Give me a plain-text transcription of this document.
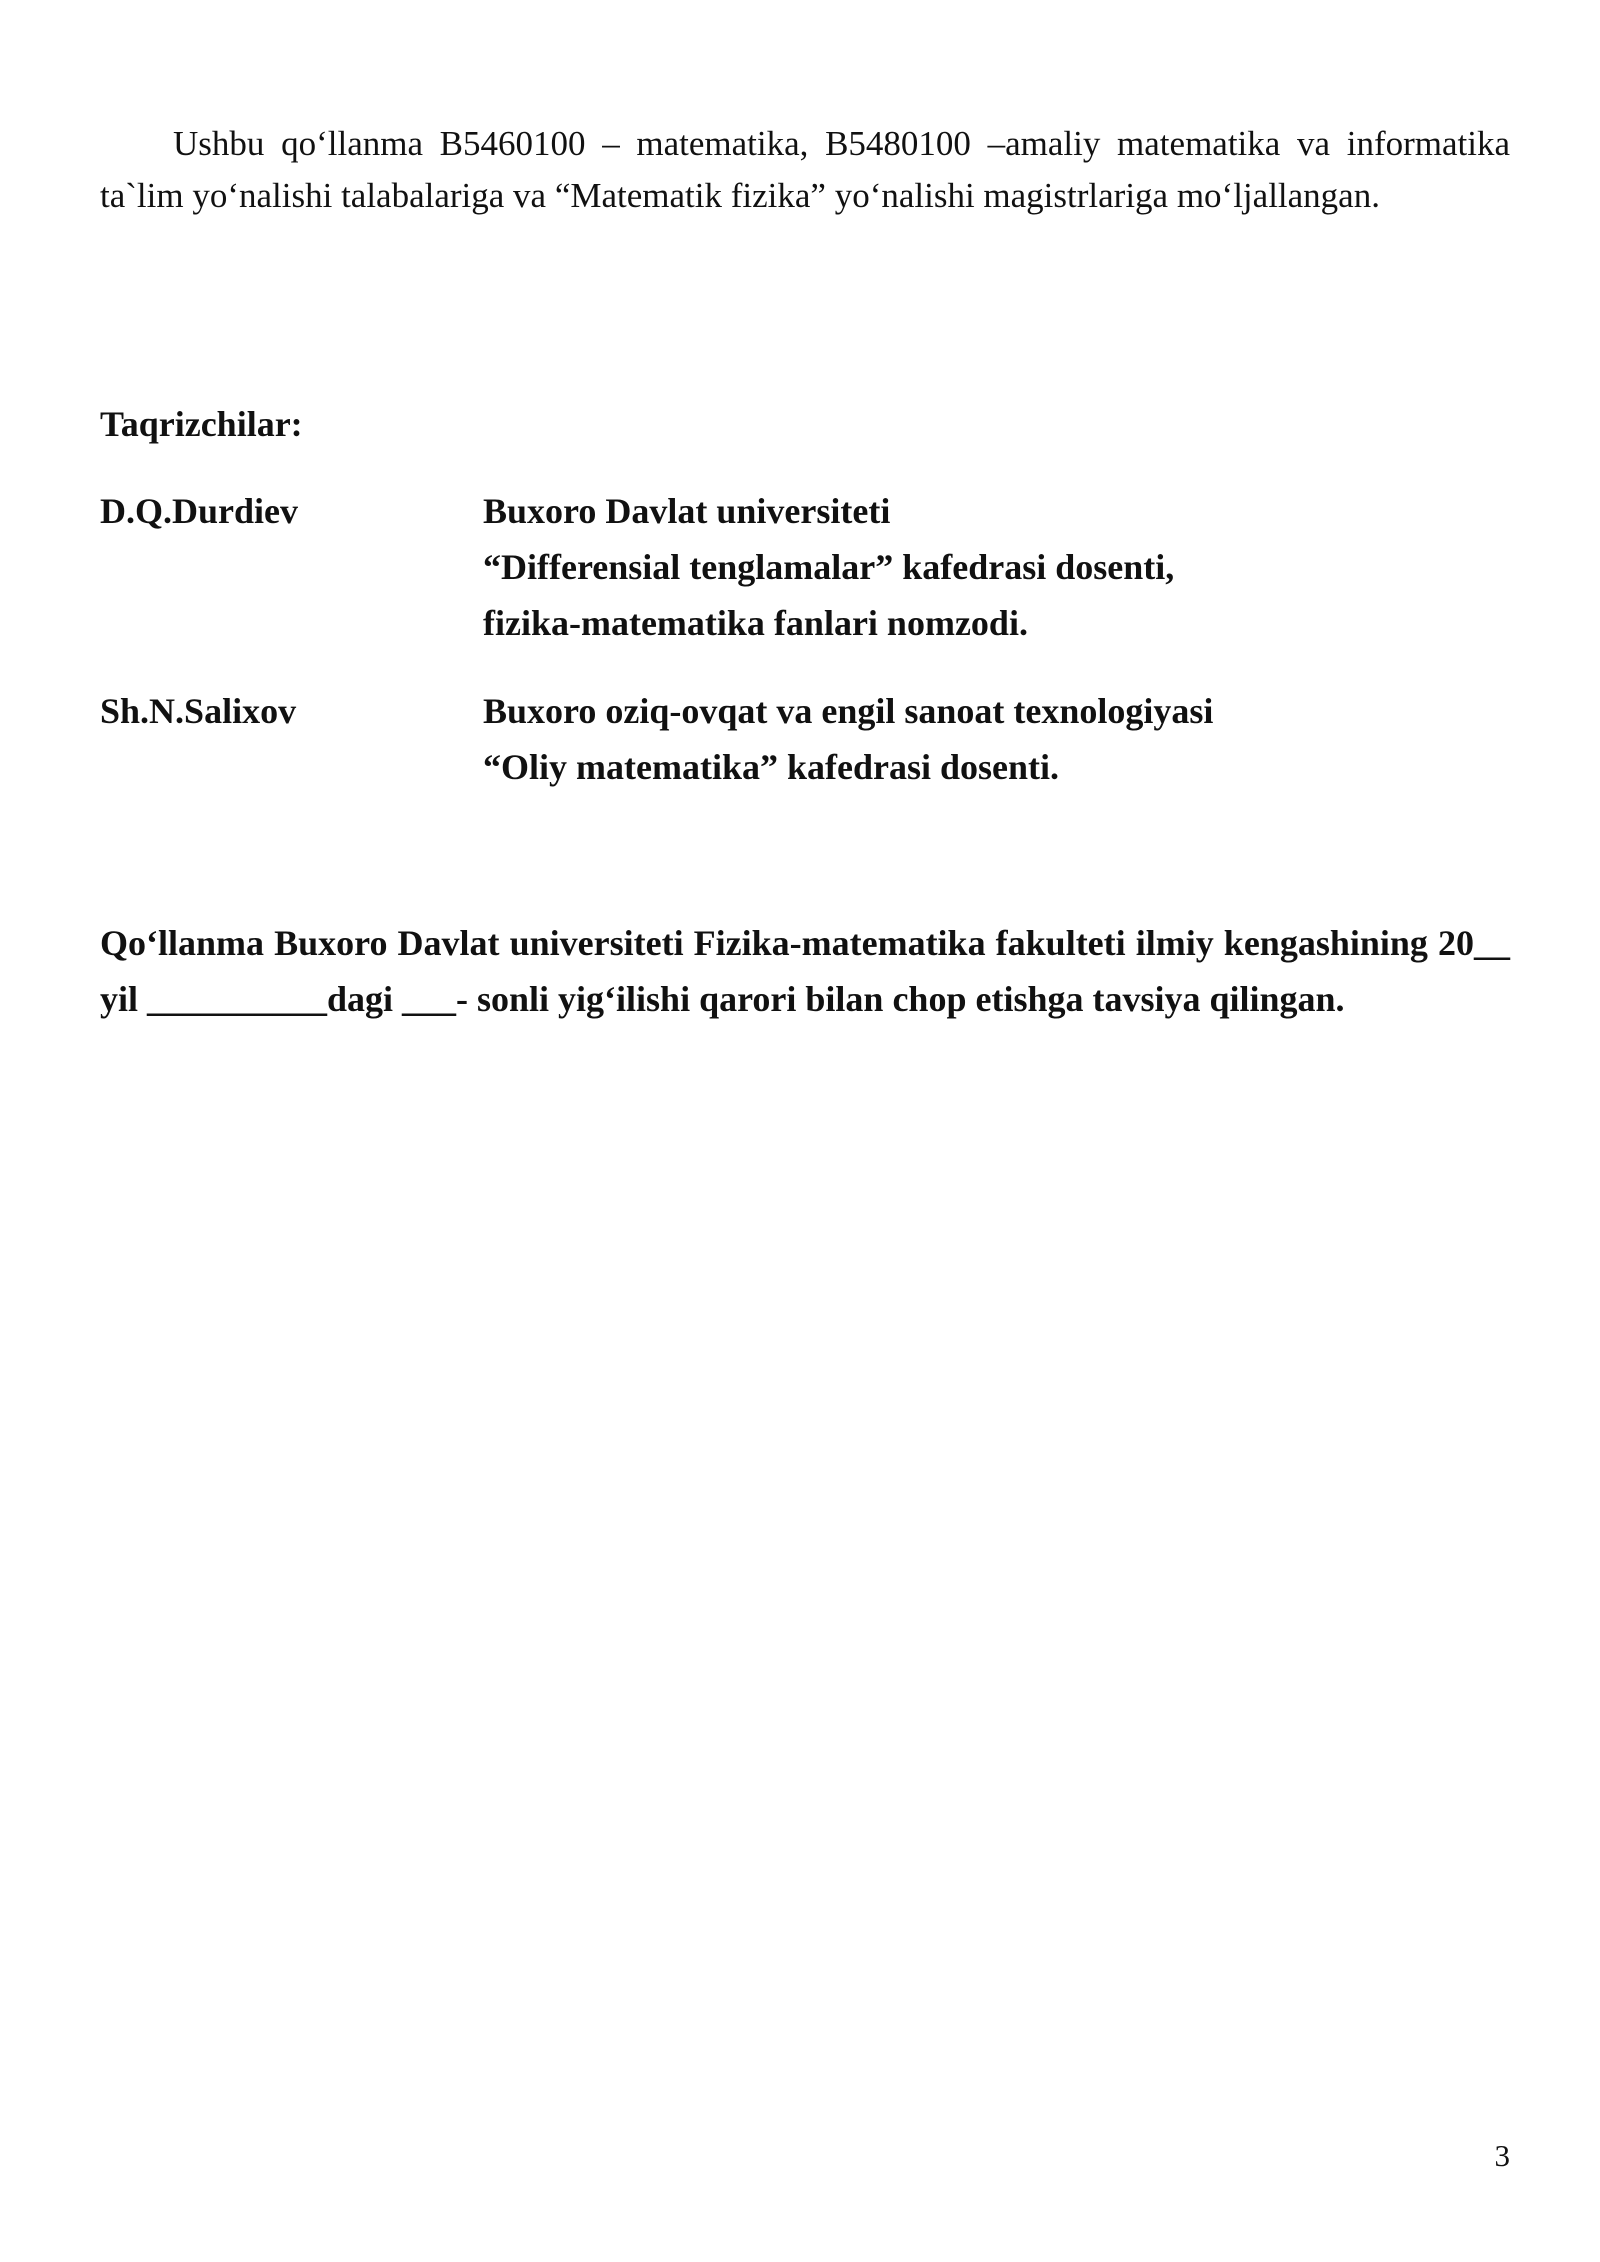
Ushbu qo‘llanma B5460100 – matematika, B5480100 –amaliy matematika va informatika ta`lim yo‘nalishi talabalariga va “Matematik fizika” yo‘nalishi magistrlariga mo‘ljallangan.

Taqrizchilar:
D.Q.Durdiev	Buxoro Davlat universiteti
“Differensial tenglamalar” kafedrasi dosenti,
fizika-matematika fanlari nomzodi.
Sh.N.Salixov	Buxoro oziq-ovqat va engil sanoat texnologiyasi
“Oliy matematika” kafedrasi dosenti.

Qo‘llanma Buxoro Davlat universiteti Fizika-matematika fakulteti ilmiy kengashining 20__ yil __________dagi ___- sonli yig‘ilishi qarori bilan chop etishga tavsiya qilingan.

3
